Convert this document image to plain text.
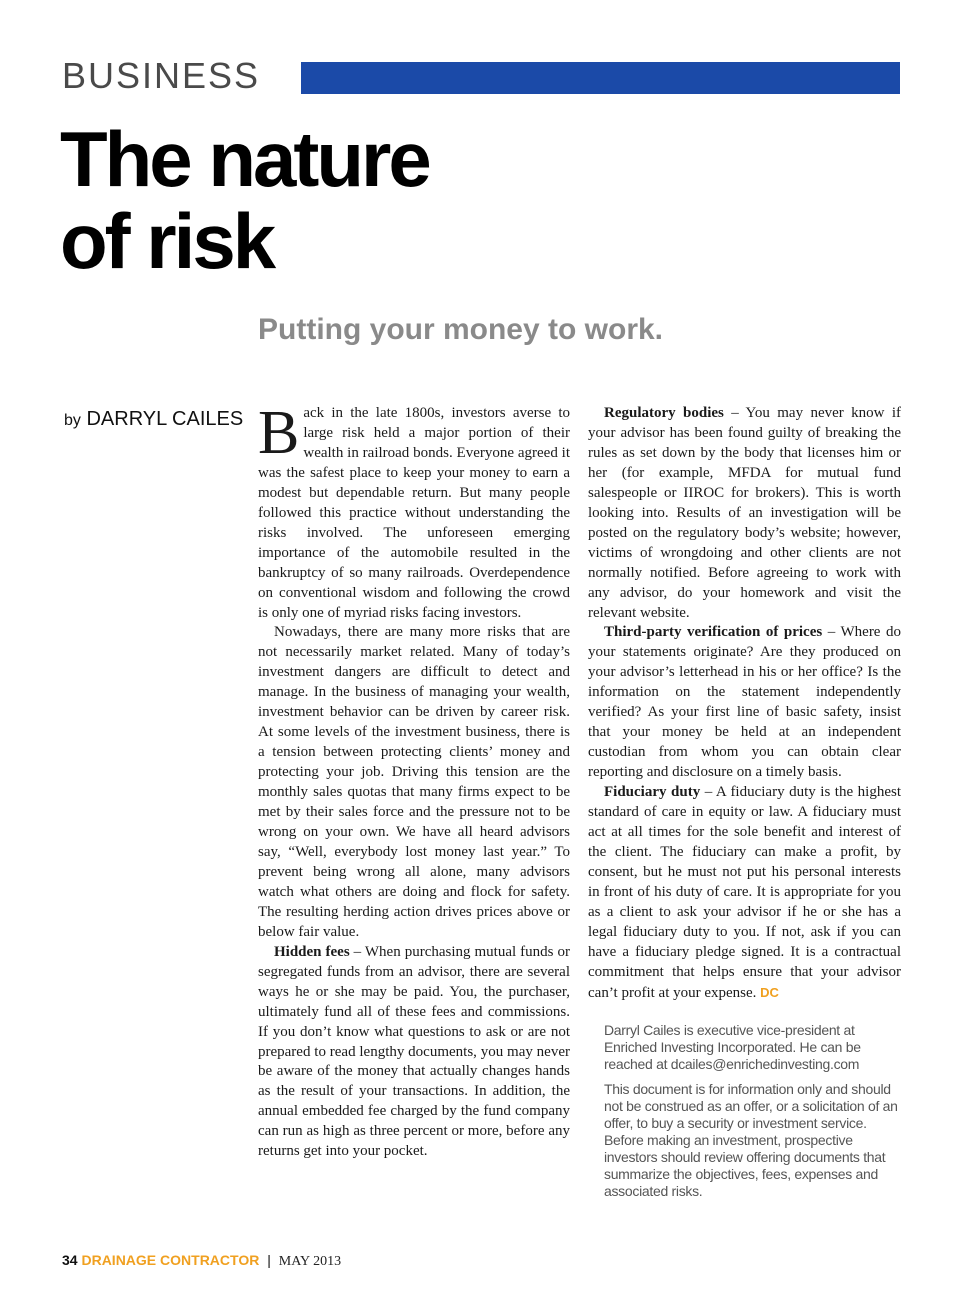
BUSINESS
The nature
of risk
Putting your money to work.
by DARRYL CAILES Back in the late 1800s, investors averse to large risk held a major portion of their wealth in railroad bonds. Everyone agreed it was the safest place to keep your money to earn a modest but dependable return. But many people followed this practice without understanding the risks involved. The unforeseen emerging importance of the automobile resulted in the bankruptcy of so many railroads. Overdependence on conventional wisdom and following the crowd is only one of myriad risks facing investors.

Nowadays, there are many more risks that are not necessarily market related. Many of today’s investment dangers are difficult to detect and manage. In the business of managing your wealth, investment behavior can be driven by career risk. At some levels of the investment business, there is a tension between protecting clients’ money and protecting your job. Driving this tension are the monthly sales quotas that many firms expect to be met by their sales force and the pressure not to be wrong on your own. We have all heard advisors say, “Well, everybody lost money last year.” To prevent being wrong all alone, many advisors watch what others are doing and flock for safety. The resulting herding action drives prices above or below fair value.

Hidden fees – When purchasing mutual funds or segregated funds from an advisor, there are several ways he or she may be paid. You, the purchaser, ultimately fund all of these fees and commissions. If you don’t know what questions to ask or are not prepared to read lengthy documents, you may never be aware of the money that actually changes hands as the result of your transactions. In addition, the annual embedded fee charged by the fund company can run as high as three percent or more, before any returns get into your pocket.

Regulatory bodies – You may never know if your advisor has been found guilty of breaking the rules as set down by the body that licenses him or her (for example, MFDA for mutual fund salespeople or IIROC for brokers). This is worth looking into. Results of an investigation will be posted on the regulatory body’s website; however, victims of wrongdoing and other clients are not normally notified. Before agreeing to work with any advisor, do your homework and visit the relevant website.

Third-party verification of prices – Where do your statements originate? Are they produced on your advisor’s letterhead in his or her office? Is the information on the statement independently verified? As your first line of basic safety, insist that your money be held at an independent custodian from whom you can obtain clear reporting and disclosure on a timely basis.

Fiduciary duty – A fiduciary duty is the highest standard of care in equity or law. A fiduciary must act at all times for the sole benefit and interest of the client. The fiduciary can make a profit, by consent, but he must not put his personal interests in front of his duty of care. It is appropriate for you as a client to ask your advisor if he or she has a legal fiduciary duty to you. If not, ask if you can have a fiduciary pledge signed. It is a contractual commitment that helps ensure that your advisor can’t profit at your expense. DC

Darryl Cailes is executive vice-president at Enriched Investing Incorporated. He can be reached at dcailes@enrichedinvesting.com

This document is for information only and should not be construed as an offer, or a solicitation of an offer, to buy a security or investment service. Before making an investment, prospective investors should review offering documents that summarize the objectives, fees, expenses and associated risks.

34 DRAINAGE CONTRACTOR | MAY 2013
